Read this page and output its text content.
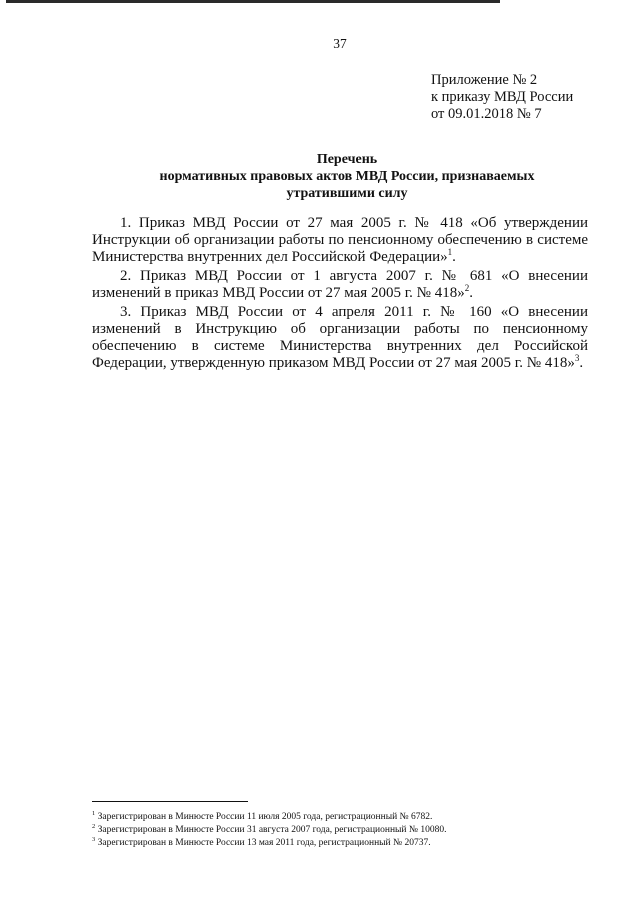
37
Приложение № 2
к приказу МВД России
от 09.01.2018 № 7
Перечень
нормативных правовых актов МВД России, признаваемых
утратившими силу

1. Приказ МВД России от 27 мая 2005 г. № 418 «Об утверждении Инструкции об организации работы по пенсионному обеспечению в системе Министерства внутренних дел Российской Федерации»$^1$.

2. Приказ МВД России от 1 августа 2007 г. № 681 «О внесении изменений в приказ МВД России от 27 мая 2005 г. № 418»$^2$.

3. Приказ МВД России от 4 апреля 2011 г. № 160 «О внесении изменений в Инструкцию об организации работы по пенсионному обеспечению в системе Министерства внутренних дел Российской Федерации, утвержденную приказом МВД России от 27 мая 2005 г. № 418»$^3$.

$^1$ Зарегистрирован в Минюсте России 11 июля 2005 года, регистрационный № 6782.
$^2$ Зарегистрирован в Минюсте России 31 августа 2007 года, регистрационный № 10080.
$^3$ Зарегистрирован в Минюсте России 13 мая 2011 года, регистрационный № 20737.
